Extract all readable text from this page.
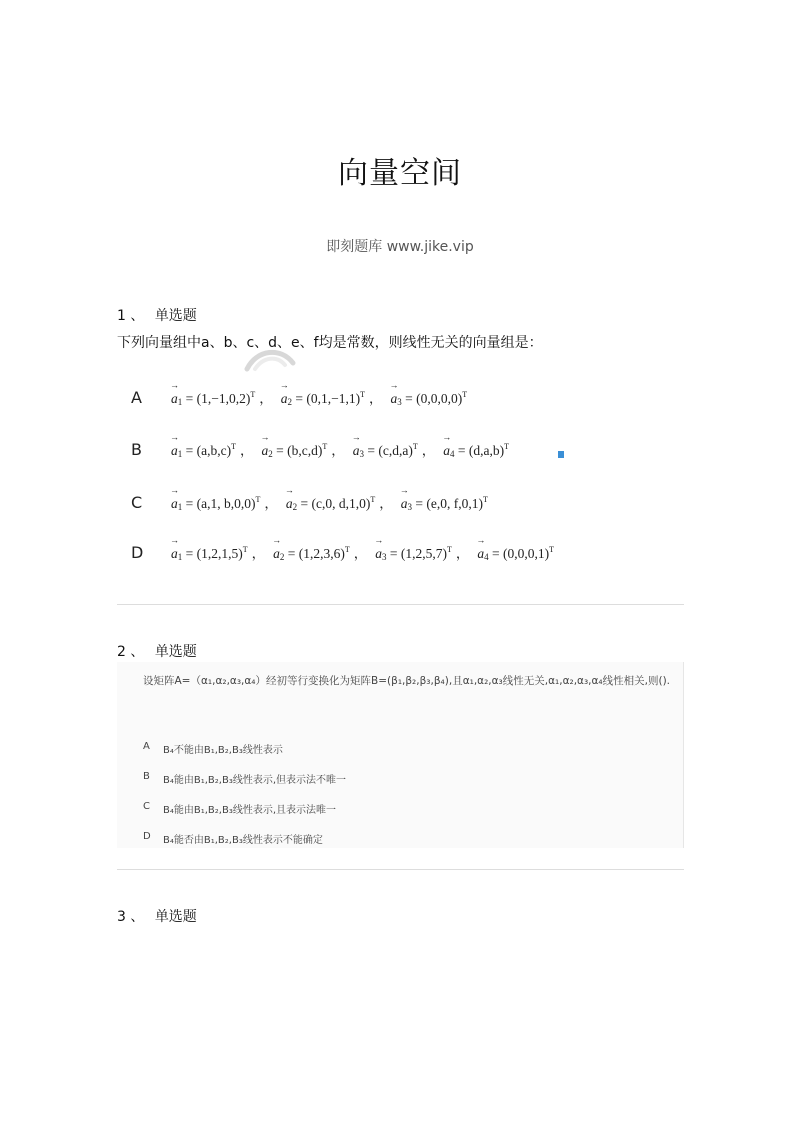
向量空间
即刻题库 www.jike.vip
1 、 单选题
下列向量组中a、b、c、d、e、f均是常数，则线性无关的向量组是：
A	→ $a_1 = (1,-1,0,2)^T$ ， → $a_2 = (0,1,-1,1)^T$ ， → $a_3 = (0,0,0,0)^T$
B	→ $a_1 = (a,b,c)^T$ ， → $a_2 = (b,c,d)^T$ ， → $a_3 = (c,d,a)^T$ ， → $a_4 = (d,a,b)^T$
C	→ $a_1 = (a,1$, b,0,0)$^T$ ， → $a_2 = (c,0$, d,1,0)$^T$ ， → $a_3 = (e,0$, f,0,1)$^T$
D	→ $a_1 = (1,2,1,5)^T$ ， → $a_2 = (1,2,3,6)^T$ ， → $a_3 = (1,2,5,7)^T$ ， → $a_4 = (0,0,0,1)^T$
2 、 单选题
设矩阵A=（α₁,α₂,α₃,α₄）经初等行变换化为矩阵B=(β₁,β₂,β₃,β₄),且α₁,α₂,α₃线性无关,α₁,α₂,α₃,α₄线性相关,则().
A	B₄不能由B₁,B₂,B₃线性表示
B	B₄能由B₁,B₂,B₃线性表示,但表示法不唯一
C	B₄能由B₁,B₂,B₃线性表示,且表示法唯一
D	B₄能否由B₁,B₂,B₃线性表示不能确定
3 、 单选题
